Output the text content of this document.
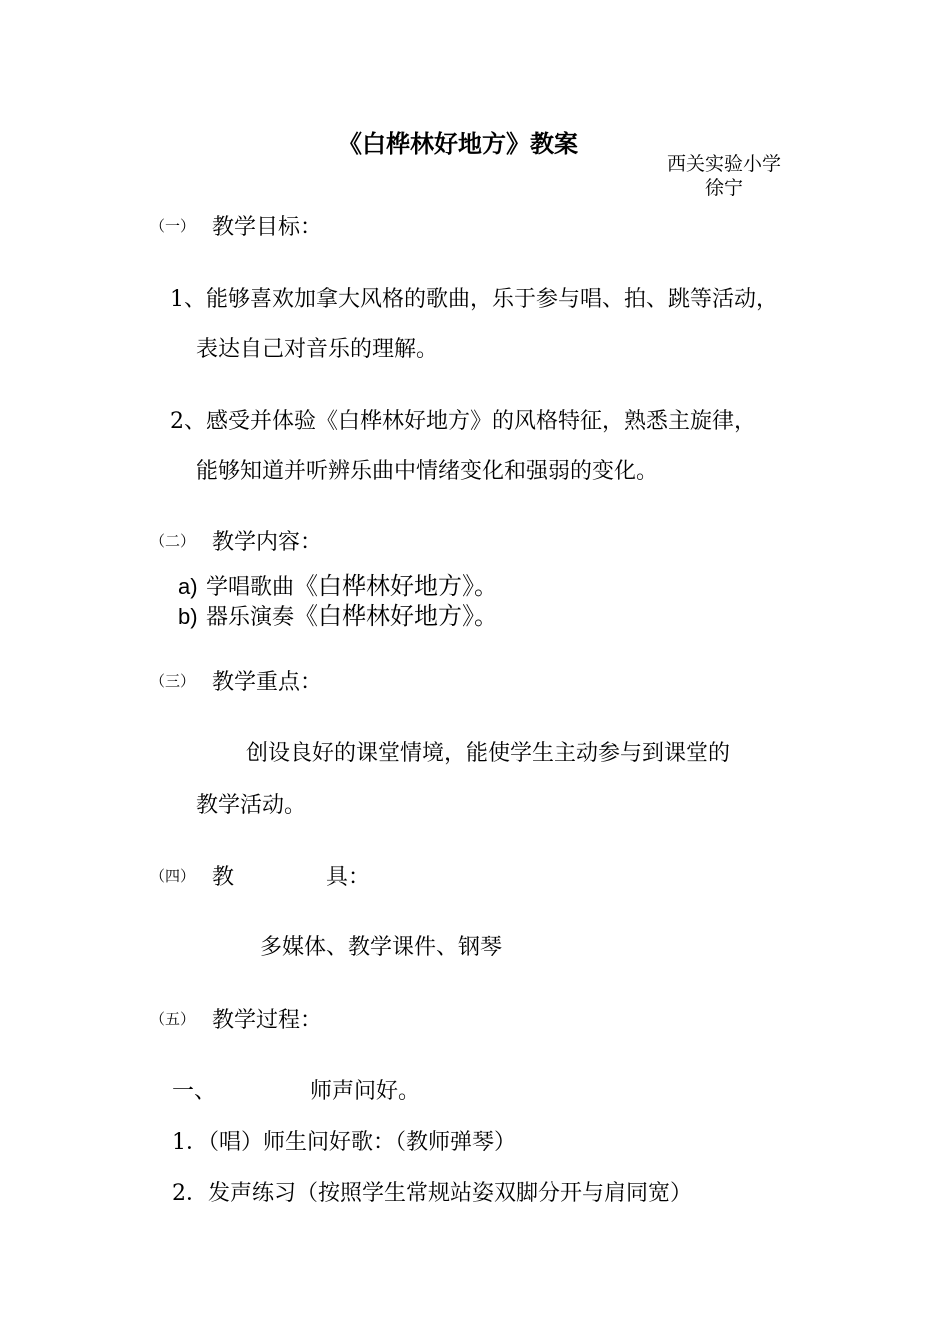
《白桦林好地方》教案
西关实验小学
徐宁
（一） 教学目标：
1、能够喜欢加拿大风格的歌曲，乐于参与唱、拍、跳等活动，
表达自己对音乐的理解。
2、感受并体验《白桦林好地方》的风格特征，熟悉主旋律，
能够知道并听辨乐曲中情绪变化和强弱的变化。
（二） 教学内容：
a) 学唱歌曲《白桦林好地方》。
b) 器乐演奏《白桦林好地方》。
（三） 教学重点：
创设良好的课堂情境，能使学生主动参与到课堂的
教学活动。
（四） 教	具：
多媒体、教学课件、钢琴
（五） 教学过程：
一、	师声问好。
1．（唱）师生问好歌：（教师弹琴）
2．发声练习（按照学生常规站姿双脚分开与肩同宽）
